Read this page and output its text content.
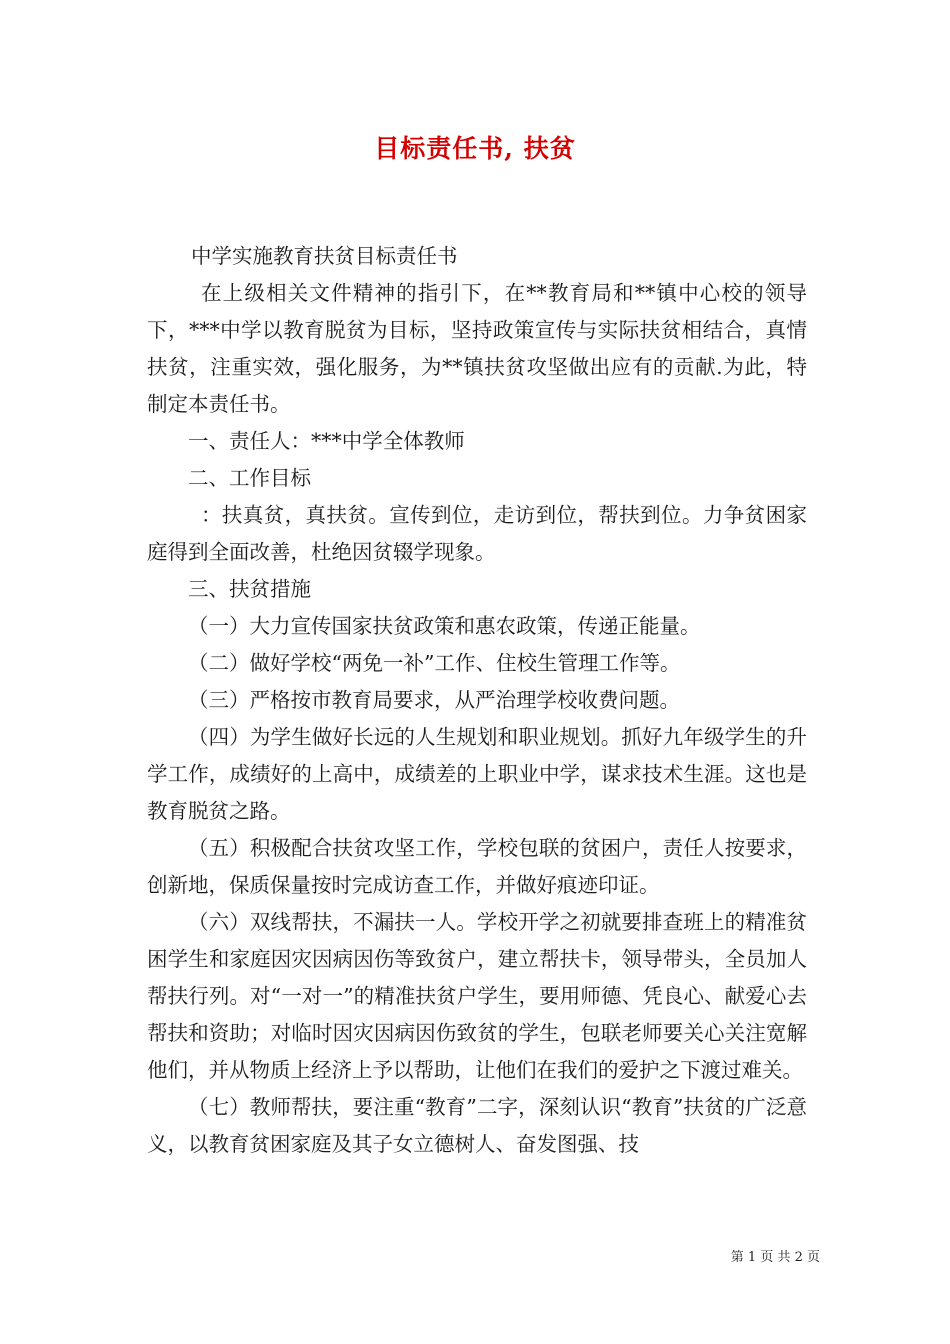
目标责任书, 扶贫

中学实施教育扶贫目标责任书

在上级相关文件精神的指引下，在**教育局和**镇中心校的领导下，***中学以教育脱贫为目标，坚持政策宣传与实际扶贫相结合，真情扶贫，注重实效，强化服务，为**镇扶贫攻坚做出应有的贡献.为此，特制定本责任书。

一、责任人：***中学全体教师

二、工作目标

：扶真贫，真扶贫。宣传到位，走访到位，帮扶到位。力争贫困家庭得到全面改善，杜绝因贫辍学现象。

三、扶贫措施

（一）大力宣传国家扶贫政策和惠农政策，传递正能量。

（二）做好学校“两免一补”工作、住校生管理工作等。

（三）严格按市教育局要求，从严治理学校收费问题。

（四）为学生做好长远的人生规划和职业规划。抓好九年级学生的升学工作，成绩好的上高中，成绩差的上职业中学，谋求技术生涯。这也是教育脱贫之路。

（五）积极配合扶贫攻坚工作，学校包联的贫困户，责任人按要求，创新地，保质保量按时完成访查工作，并做好痕迹印证。

（六）双线帮扶，不漏扶一人。学校开学之初就要排查班上的精准贫困学生和家庭因灾因病因伤等致贫户，建立帮扶卡，领导带头，全员加人帮扶行列。对“一对一”的精准扶贫户学生，要用师德、凭良心、献爱心去帮扶和资助；对临时因灾因病因伤致贫的学生，包联老师要关心关注宽解他们，并从物质上经济上予以帮助，让他们在我们的爱护之下渡过难关。

（七）教师帮扶，要注重“教育”二字，深刻认识“教育”扶贫的广泛意义，以教育贫困家庭及其子女立德树人、奋发图强、技

第 1 页 共 2 页
